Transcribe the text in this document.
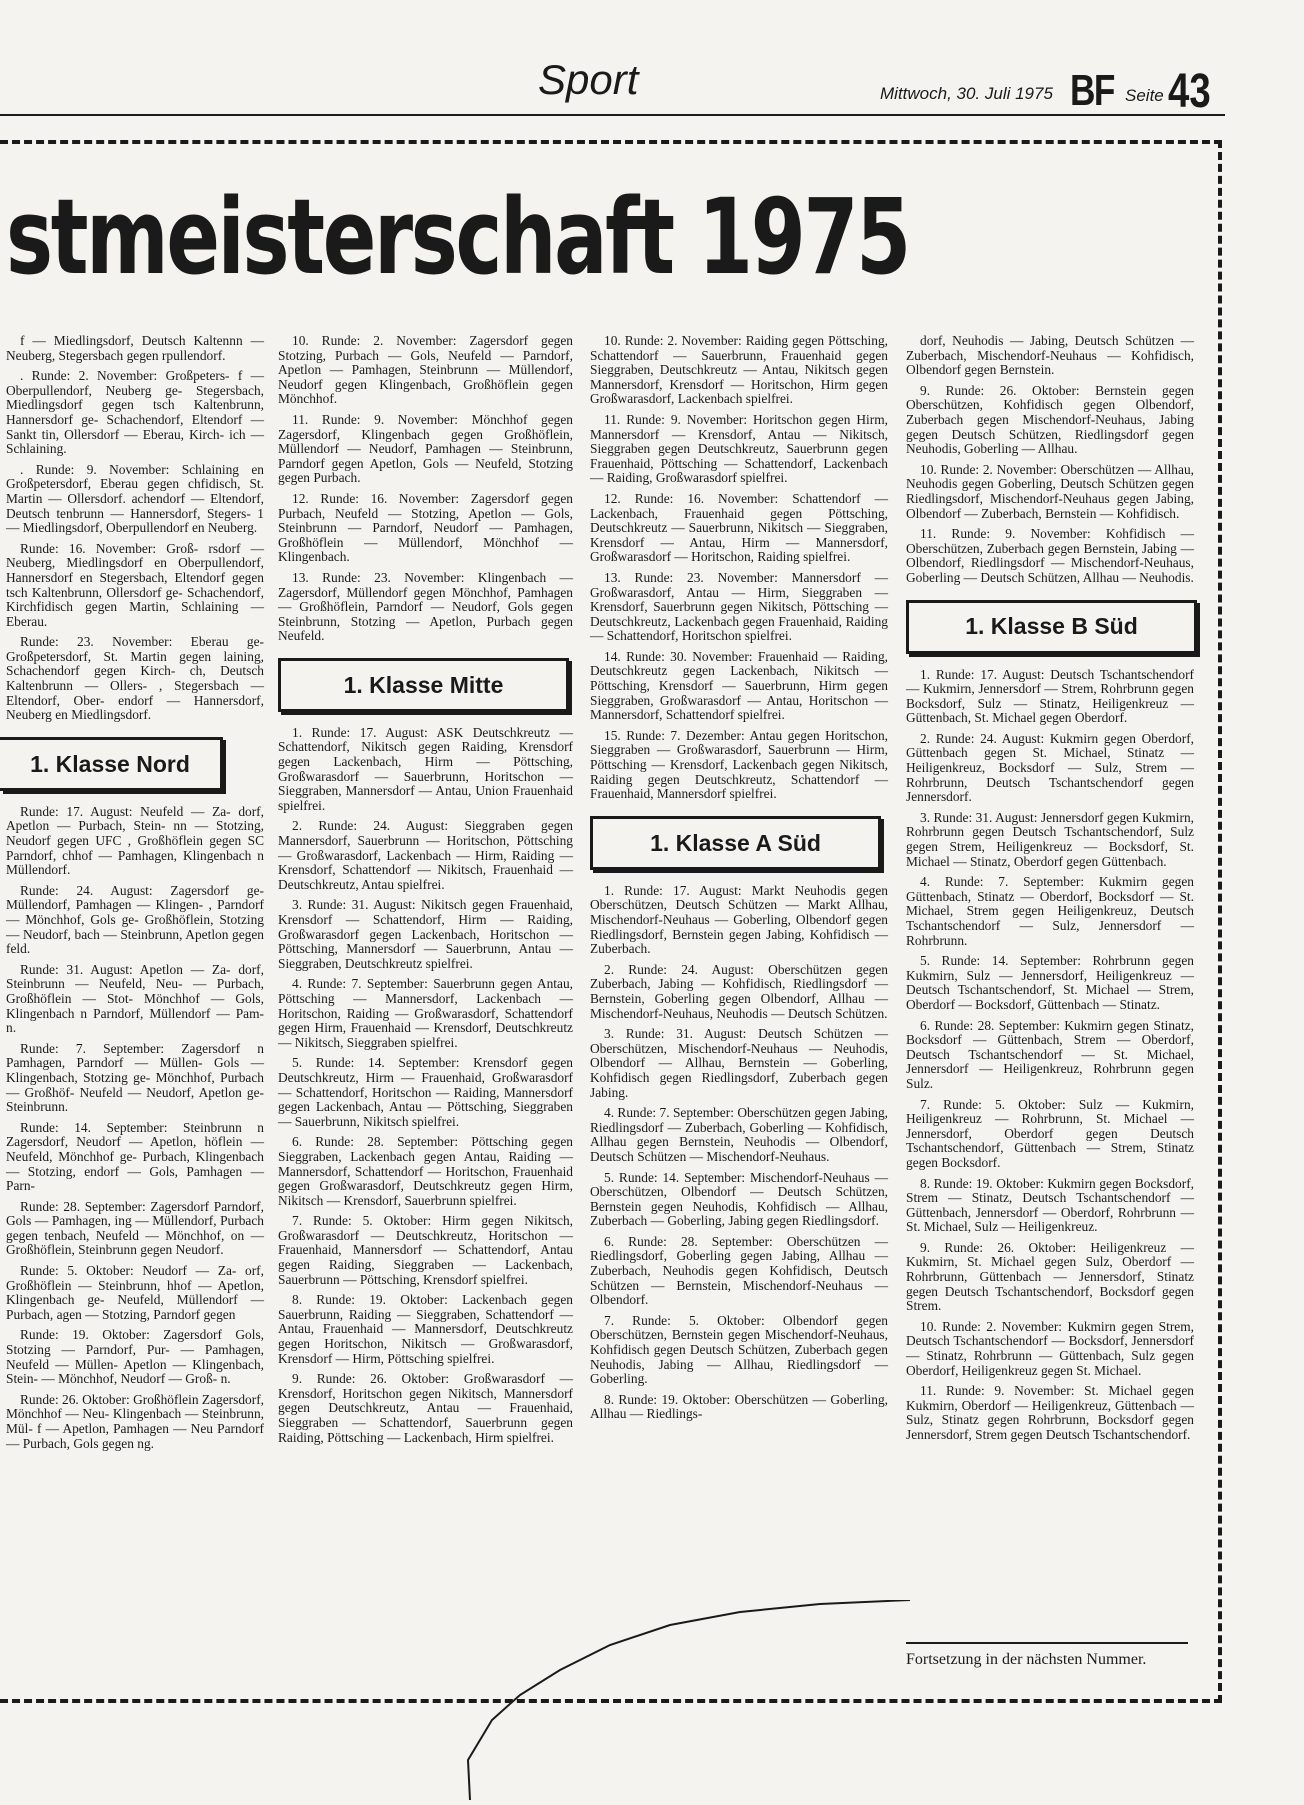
Sport	Mittwoch, 30. Juli 1975 BF Seite 43
stmeisterschaft 1975

f — Miedlingsdorf, Deutsch Kaltennn — Neuberg, Stegersbach gegen rpullendorf.

. Runde: 2. November: Großpeters- f — Oberpullendorf, Neuberg ge- Stegersbach, Miedlingsdorf gegen tsch Kaltenbrunn, Hannersdorf ge- Schachendorf, Eltendorf — Sankt tin, Ollersdorf — Eberau, Kirch- ich — Schlaining.

. Runde: 9. November: Schlaining en Großpetersdorf, Eberau gegen chfidisch, St. Martin — Ollersdorf. achendorf — Eltendorf, Deutsch tenbrunn — Hannersdorf, Stegers- 1 — Miedlingsdorf, Oberpullendorf en Neuberg.

Runde: 16. November: Groß- rsdorf — Neuberg, Miedlingsdorf en Oberpullendorf, Hannersdorf en Stegersbach, Eltendorf gegen tsch Kaltenbrunn, Ollersdorf ge- Schachendorf, Kirchfidisch gegen Martin, Schlaining — Eberau.

Runde: 23. November: Eberau ge- Großpetersdorf, St. Martin gegen laining, Schachendorf gegen Kirch- ch, Deutsch Kaltenbrunn — Ollers- , Stegersbach — Eltendorf, Ober- endorf — Hannersdorf, Neuberg en Miedlingsdorf.

1. Klasse Nord

Runde: 17. August: Neufeld — Za- dorf, Apetlon — Purbach, Stein- nn — Stotzing, Neudorf gegen UFC , Großhöflein gegen SC Parndorf, chhof — Pamhagen, Klingenbach n Müllendorf.

Runde: 24. August: Zagersdorf ge- Müllendorf, Pamhagen — Klingen- , Parndorf — Mönchhof, Gols ge- Großhöflein, Stotzing — Neudorf, bach — Steinbrunn, Apetlon gegen feld.

Runde: 31. August: Apetlon — Za- dorf, Steinbrunn — Neufeld, Neu- — Purbach, Großhöflein — Stot- Mönchhof — Gols, Klingenbach n Parndorf, Müllendorf — Pam- n.

Runde: 7. September: Zagersdorf n Pamhagen, Parndorf — Müllen- Gols — Klingenbach, Stotzing ge- Mönchhof, Purbach — Großhöf- Neufeld — Neudorf, Apetlon ge- Steinbrunn.

Runde: 14. September: Steinbrunn n Zagersdorf, Neudorf — Apetlon, höflein — Neufeld, Mönchhof ge- Purbach, Klingenbach — Stotzing, endorf — Gols, Pamhagen — Parn-

Runde: 28. September: Zagersdorf Parndorf, Gols — Pamhagen, ing — Müllendorf, Purbach gegen tenbach, Neufeld — Mönchhof, on — Großhöflein, Steinbrunn gegen Neudorf.

Runde: 5. Oktober: Neudorf — Za- orf, Großhöflein — Steinbrunn, hhof — Apetlon, Klingenbach ge- Neufeld, Müllendorf — Purbach, agen — Stotzing, Parndorf gegen

Runde: 19. Oktober: Zagersdorf Gols, Stotzing — Parndorf, Pur- — Pamhagen, Neufeld — Müllen- Apetlon — Klingenbach, Stein- — Mönchhof, Neudorf — Groß- n.

Runde: 26. Oktober: Großhöflein Zagersdorf, Mönchhof — Neu- Klingenbach — Steinbrunn, Mül- f — Apetlon, Pamhagen — Neu Parndorf — Purbach, Gols gegen ng.

10. Runde: 2. November: Zagersdorf gegen Stotzing, Purbach — Gols, Neufeld — Parndorf, Apetlon — Pamhagen, Steinbrunn — Müllendorf, Neudorf gegen Klingenbach, Großhöflein gegen Mönchhof.

11. Runde: 9. November: Mönchhof gegen Zagersdorf, Klingenbach gegen Großhöflein, Müllendorf — Neudorf, Pamhagen — Steinbrunn, Parndorf gegen Apetlon, Gols — Neufeld, Stotzing gegen Purbach.

12. Runde: 16. November: Zagersdorf gegen Purbach, Neufeld — Stotzing, Apetlon — Gols, Steinbrunn — Parndorf, Neudorf — Pamhagen, Großhöflein — Müllendorf, Mönchhof — Klingenbach.

13. Runde: 23. November: Klingenbach — Zagersdorf, Müllendorf gegen Mönchhof, Pamhagen — Großhöflein, Parndorf — Neudorf, Gols gegen Steinbrunn, Stotzing — Apetlon, Purbach gegen Neufeld.

1. Klasse Mitte

1. Runde: 17. August: ASK Deutschkreutz — Schattendorf, Nikitsch gegen Raiding, Krensdorf gegen Lackenbach, Hirm — Pöttsching, Großwarasdorf — Sauerbrunn, Horitschon — Sieggraben, Mannersdorf — Antau, Union Frauenhaid spielfrei.

2. Runde: 24. August: Sieggraben gegen Mannersdorf, Sauerbrunn — Horitschon, Pöttsching — Großwarasdorf, Lackenbach — Hirm, Raiding — Krensdorf, Schattendorf — Nikitsch, Frauenhaid — Deutschkreutz, Antau spielfrei.

3. Runde: 31. August: Nikitsch gegen Frauenhaid, Krensdorf — Schattendorf, Hirm — Raiding, Großwarasdorf gegen Lackenbach, Horitschon — Pöttsching, Mannersdorf — Sauerbrunn, Antau — Sieggraben, Deutschkreutz spielfrei.

4. Runde: 7. September: Sauerbrunn gegen Antau, Pöttsching — Mannersdorf, Lackenbach — Horitschon, Raiding — Großwarasdorf, Schattendorf gegen Hirm, Frauenhaid — Krensdorf, Deutschkreutz — Nikitsch, Sieggraben spielfrei.

5. Runde: 14. September: Krensdorf gegen Deutschkreutz, Hirm — Frauenhaid, Großwarasdorf — Schattendorf, Horitschon — Raiding, Mannersdorf gegen Lackenbach, Antau — Pöttsching, Sieggraben — Sauerbrunn, Nikitsch spielfrei.

6. Runde: 28. September: Pöttsching gegen Sieggraben, Lackenbach gegen Antau, Raiding — Mannersdorf, Schattendorf — Horitschon, Frauenhaid gegen Großwarasdorf, Deutschkreutz gegen Hirm, Nikitsch — Krensdorf, Sauerbrunn spielfrei.

7. Runde: 5. Oktober: Hirm gegen Nikitsch, Großwarasdorf — Deutschkreutz, Horitschon — Frauenhaid, Mannersdorf — Schattendorf, Antau gegen Raiding, Sieggraben — Lackenbach, Sauerbrunn — Pöttsching, Krensdorf spielfrei.

8. Runde: 19. Oktober: Lackenbach gegen Sauerbrunn, Raiding — Sieggraben, Schattendorf — Antau, Frauenhaid — Mannersdorf, Deutschkreutz gegen Horitschon, Nikitsch — Großwarasdorf, Krensdorf — Hirm, Pöttsching spielfrei.

9. Runde: 26. Oktober: Großwarasdorf — Krensdorf, Horitschon gegen Nikitsch, Mannersdorf gegen Deutschkreutz, Antau — Frauenhaid, Sieggraben — Schattendorf, Sauerbrunn gegen Raiding, Pöttsching — Lackenbach, Hirm spielfrei.

10. Runde: 2. November: Raiding gegen Pöttsching, Schattendorf — Sauerbrunn, Frauenhaid gegen Sieggraben, Deutschkreutz — Antau, Nikitsch gegen Mannersdorf, Krensdorf — Horitschon, Hirm gegen Großwarasdorf, Lackenbach spielfrei.

11. Runde: 9. November: Horitschon gegen Hirm, Mannersdorf — Krensdorf, Antau — Nikitsch, Sieggraben gegen Deutschkreutz, Sauerbrunn gegen Frauenhaid, Pöttsching — Schattendorf, Lackenbach — Raiding, Großwarasdorf spielfrei.

12. Runde: 16. November: Schattendorf — Lackenbach, Frauenhaid gegen Pöttsching, Deutschkreutz — Sauerbrunn, Nikitsch — Sieggraben, Krensdorf — Antau, Hirm — Mannersdorf, Großwarasdorf — Horitschon, Raiding spielfrei.

13. Runde: 23. November: Mannersdorf — Großwarasdorf, Antau — Hirm, Sieggraben — Krensdorf, Sauerbrunn gegen Nikitsch, Pöttsching — Deutschkreutz, Lackenbach gegen Frauenhaid, Raiding — Schattendorf, Horitschon spielfrei.

14. Runde: 30. November: Frauenhaid — Raiding, Deutschkreutz gegen Lackenbach, Nikitsch — Pöttsching, Krensdorf — Sauerbrunn, Hirm gegen Sieggraben, Großwarasdorf — Antau, Horitschon — Mannersdorf, Schattendorf spielfrei.

15. Runde: 7. Dezember: Antau gegen Horitschon, Sieggraben — Großwarasdorf, Sauerbrunn — Hirm, Pöttsching — Krensdorf, Lackenbach gegen Nikitsch, Raiding gegen Deutschkreutz, Schattendorf — Frauenhaid, Mannersdorf spielfrei.

1. Klasse A Süd

1. Runde: 17. August: Markt Neuhodis gegen Oberschützen, Deutsch Schützen — Markt Allhau, Mischendorf-Neuhaus — Goberling, Olbendorf gegen Riedlingsdorf, Bernstein gegen Jabing, Kohfidisch — Zuberbach.

2. Runde: 24. August: Oberschützen gegen Zuberbach, Jabing — Kohfidisch, Riedlingsdorf — Bernstein, Goberling gegen Olbendorf, Allhau — Mischendorf-Neuhaus, Neuhodis — Deutsch Schützen.

3. Runde: 31. August: Deutsch Schützen — Oberschützen, Mischendorf-Neuhaus — Neuhodis, Olbendorf — Allhau, Bernstein — Goberling, Kohfidisch gegen Riedlingsdorf, Zuberbach gegen Jabing.

4. Runde: 7. September: Oberschützen gegen Jabing, Riedlingsdorf — Zuberbach, Goberling — Kohfidisch, Allhau gegen Bernstein, Neuhodis — Olbendorf, Deutsch Schützen — Mischendorf-Neuhaus.

5. Runde: 14. September: Mischendorf-Neuhaus — Oberschützen, Olbendorf — Deutsch Schützen, Bernstein gegen Neuhodis, Kohfidisch — Allhau, Zuberbach — Goberling, Jabing gegen Riedlingsdorf.

6. Runde: 28. September: Oberschützen — Riedlingsdorf, Goberling gegen Jabing, Allhau — Zuberbach, Neuhodis gegen Kohfidisch, Deutsch Schützen — Bernstein, Mischendorf-Neuhaus — Olbendorf.

7. Runde: 5. Oktober: Olbendorf gegen Oberschützen, Bernstein gegen Mischendorf-Neuhaus, Kohfidisch gegen Deutsch Schützen, Zuberbach gegen Neuhodis, Jabing — Allhau, Riedlingsdorf — Goberling.

8. Runde: 19. Oktober: Oberschützen — Goberling, Allhau — Riedlings-

dorf, Neuhodis — Jabing, Deutsch Schützen — Zuberbach, Mischendorf-Neuhaus — Kohfidisch, Olbendorf gegen Bernstein.

9. Runde: 26. Oktober: Bernstein gegen Oberschützen, Kohfidisch gegen Olbendorf, Zuberbach gegen Mischendorf-Neuhaus, Jabing gegen Deutsch Schützen, Riedlingsdorf gegen Neuhodis, Goberling — Allhau.

10. Runde: 2. November: Oberschützen — Allhau, Neuhodis gegen Goberling, Deutsch Schützen gegen Riedlingsdorf, Mischendorf-Neuhaus gegen Jabing, Olbendorf — Zuberbach, Bernstein — Kohfidisch.

11. Runde: 9. November: Kohfidisch — Oberschützen, Zuberbach gegen Bernstein, Jabing — Olbendorf, Riedlingsdorf — Mischendorf-Neuhaus, Goberling — Deutsch Schützen, Allhau — Neuhodis.

1. Klasse B Süd

1. Runde: 17. August: Deutsch Tschantschendorf — Kukmirn, Jennersdorf — Strem, Rohrbrunn gegen Bocksdorf, Sulz — Stinatz, Heiligenkreuz — Güttenbach, St. Michael gegen Oberdorf.

2. Runde: 24. August: Kukmirn gegen Oberdorf, Güttenbach gegen St. Michael, Stinatz — Heiligenkreuz, Bocksdorf — Sulz, Strem — Rohrbrunn, Deutsch Tschantschendorf gegen Jennersdorf.

3. Runde: 31. August: Jennersdorf gegen Kukmirn, Rohrbrunn gegen Deutsch Tschantschendorf, Sulz gegen Strem, Heiligenkreuz — Bocksdorf, St. Michael — Stinatz, Oberdorf gegen Güttenbach.

4. Runde: 7. September: Kukmirn gegen Güttenbach, Stinatz — Oberdorf, Bocksdorf — St. Michael, Strem gegen Heiligenkreuz, Deutsch Tschantschendorf — Sulz, Jennersdorf — Rohrbrunn.

5. Runde: 14. September: Rohrbrunn gegen Kukmirn, Sulz — Jennersdorf, Heiligenkreuz — Deutsch Tschantschendorf, St. Michael — Strem, Oberdorf — Bocksdorf, Güttenbach — Stinatz.

6. Runde: 28. September: Kukmirn gegen Stinatz, Bocksdorf — Güttenbach, Strem — Oberdorf, Deutsch Tschantschendorf — St. Michael, Jennersdorf — Heiligenkreuz, Rohrbrunn gegen Sulz.

7. Runde: 5. Oktober: Sulz — Kukmirn, Heiligenkreuz — Rohrbrunn, St. Michael — Jennersdorf, Oberdorf gegen Deutsch Tschantschendorf, Güttenbach — Strem, Stinatz gegen Bocksdorf.

8. Runde: 19. Oktober: Kukmirn gegen Bocksdorf, Strem — Stinatz, Deutsch Tschantschendorf — Güttenbach, Jennersdorf — Oberdorf, Rohrbrunn — St. Michael, Sulz — Heiligenkreuz.

9. Runde: 26. Oktober: Heiligenkreuz — Kukmirn, St. Michael gegen Sulz, Oberdorf — Rohrbrunn, Güttenbach — Jennersdorf, Stinatz gegen Deutsch Tschantschendorf, Bocksdorf gegen Strem.

10. Runde: 2. November: Kukmirn gegen Strem, Deutsch Tschantschendorf — Bocksdorf, Jennersdorf — Stinatz, Rohrbrunn — Güttenbach, Sulz gegen Oberdorf, Heiligenkreuz gegen St. Michael.

11. Runde: 9. November: St. Michael gegen Kukmirn, Oberdorf — Heiligenkreuz, Güttenbach — Sulz, Stinatz gegen Rohrbrunn, Bocksdorf gegen Jennersdorf, Strem gegen Deutsch Tschantschendorf.

Fortsetzung in der nächsten Nummer.
